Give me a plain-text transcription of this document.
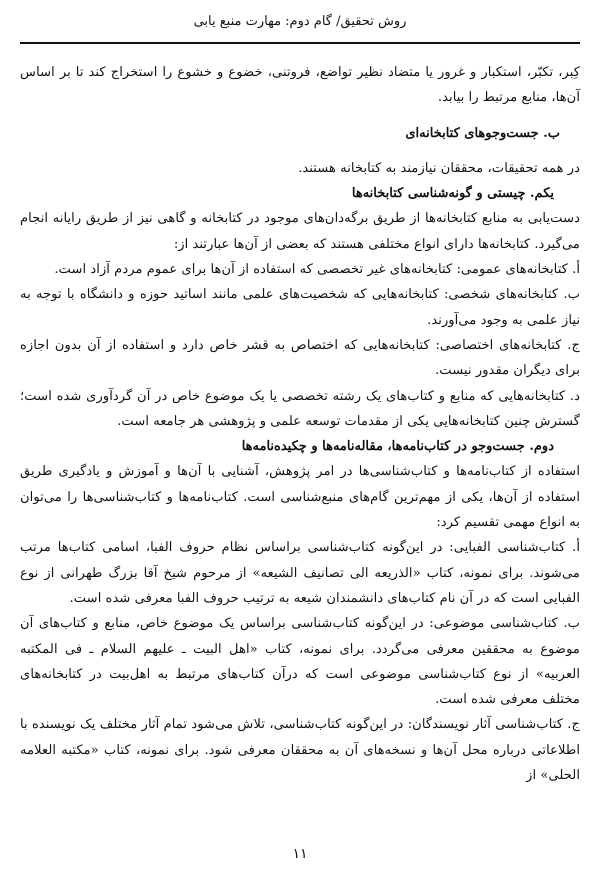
روش تحقیق/ گام دوم: مهارت منبع یابی

کِبر، تکبّر، استکبار و غرور یا متضاد نظیر تواضع، فروتنی، خضوع و خشوع را استخراج کند تا بر اساس آن‌ها، منابع مرتبط را بیابد.

ب. جست‌وجوهای کتابخانه‌ای

در همه تحقیقات، محققان نیازمند به کتابخانه هستند.

یکم. چیستی و گونه‌شناسی کتابخانه‌ها

دست‌یابی به منابع کتابخانه‌ها از طریق برگه‌دان‌های موجود در کتابخانه و گاهی نیز از طریق رایانه انجام می‌گیرد. کتابخانه‌ها دارای انواع مختلفی هستند که بعضی از آن‌ها عبارتند از:

أ. کتابخانه‌های عمومی: کتابخانه‌های غیر تخصصی که استفاده از آن‌ها برای عموم مردم آزاد است.

ب. کتابخانه‌های شخصی: کتابخانه‌هایی که شخصیت‌های علمی مانند اساتید حوزه و دانشگاه با توجه به نیاز علمی به وجود می‌آورند.

ج. کتابخانه‌های اختصاصی: کتابخانه‌هایی که اختصاص به قشر خاص دارد و استفاده از آن بدون اجازه برای دیگران مقدور نیست.

د. کتابخانه‌هایی که منابع و کتاب‌های یک رشته تخصصی یا یک موضوع خاص در آن گردآوری شده است؛ گسترش چنین کتابخانه‌هایی یکی از مقدمات توسعه علمی و پژوهشی هر جامعه است.

دوم. جست‌وجو در کتاب‌نامه‌ها، مقاله‌نامه‌ها و چکیده‌نامه‌ها

استفاده از کتاب‌نامه‌ها و کتاب‌شناسی‌ها در امر پژوهش، آشنایی با آن‌ها و آموزش و یادگیری طریق استفاده از آن‌ها، یکی از مهم‌ترین گام‌های منبع‌شناسی است. کتاب‌نامه‌ها و کتاب‌شناسی‌ها را می‌توان به انواع مهمی تقسیم کرد:

أ. کتاب‌شناسی الفبایی: در این‌گونه کتاب‌شناسی براساس نظام حروف الفبا، اسامی کتاب‌ها مرتب می‌شوند. برای نمونه، کتاب «الذریعه الی تصانیف الشیعه» از مرحوم شیخ آقا بزرگ طهرانی از نوع الفبایی است که در آن نام کتاب‌های دانشمندان شیعه به ترتیب حروف الفبا معرفی شده است.

ب. کتاب‌شناسی موضوعی: در این‌گونه کتاب‌شناسی براساس یک موضوع خاص، منابع و کتاب‌های آن موضوع به محققین معرفی می‌گردد. برای نمونه، کتاب «اهل البیت ـ علیهم السلام ـ فی المکتبه العربیه» از نوع کتاب‌شناسی موضوعی است که درآن کتاب‌های مرتبط به اهل‌بیت در کتابخانه‌های مختلف معرفی شده است.

ج. کتاب‌شناسی آثار نویسندگان: در این‌گونه کتاب‌شناسی، تلاش می‌شود تمام آثار مختلف یک نویسنده با اطلاعاتی درباره محل آن‌ها و نسخه‌های آن به محققان معرفی شود. برای نمونه، کتاب «مکتبه العلامه الحلی» از

۱۱
